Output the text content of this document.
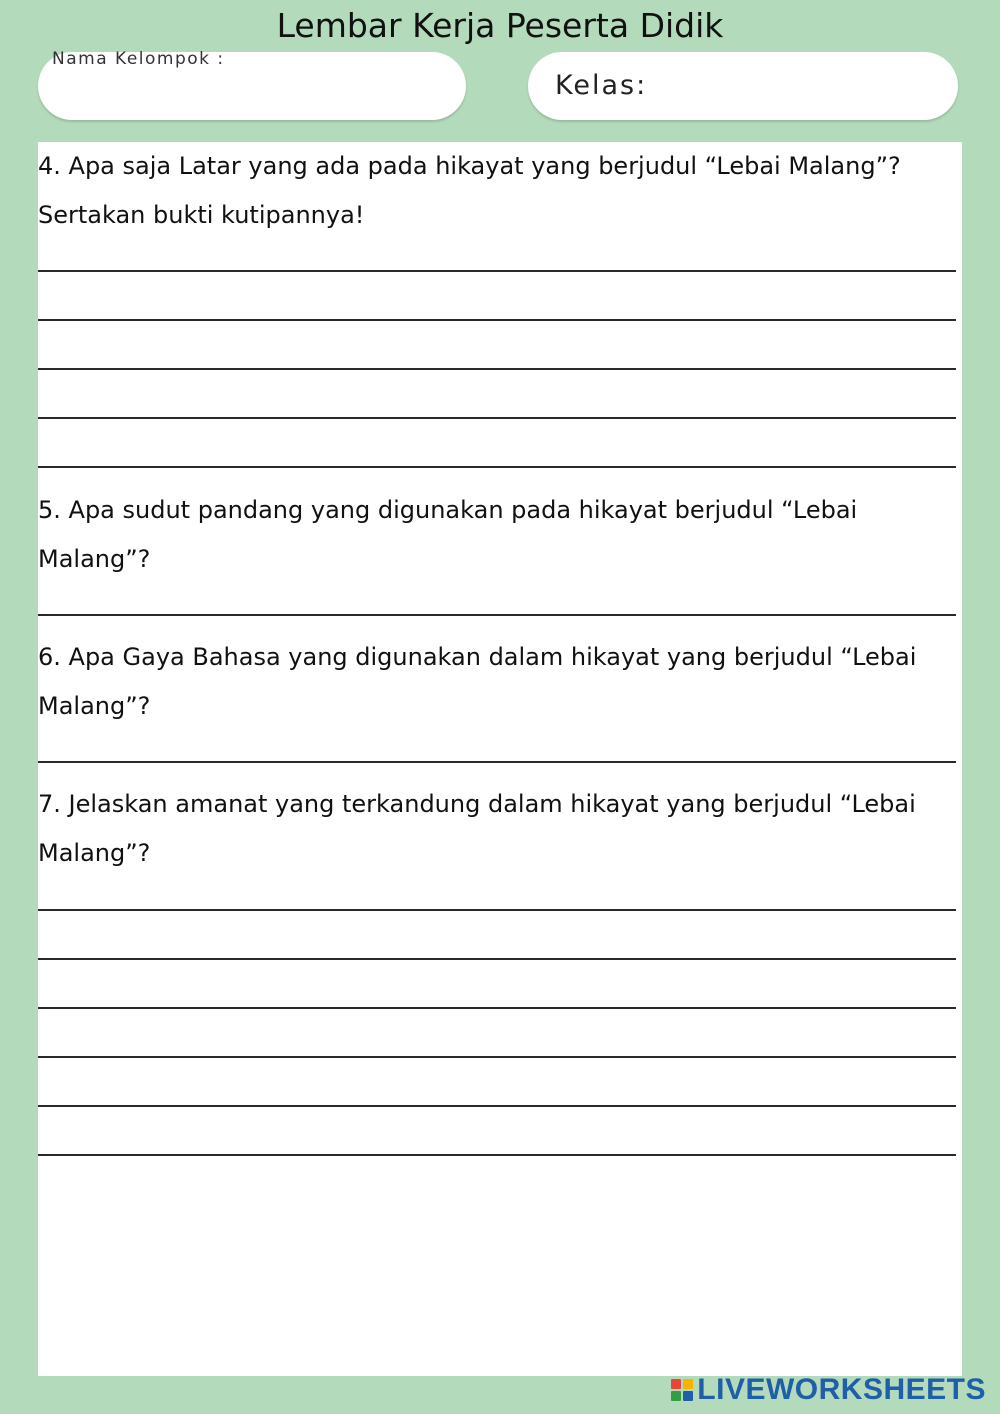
Lembar Kerja Peserta Didik
Nama Kelompok :
Kelas:
4. Apa saja Latar yang ada pada hikayat yang berjudul “Lebai Malang”? Sertakan bukti kutipannya!
5. Apa sudut pandang yang digunakan pada hikayat berjudul “Lebai Malang”?
6. Apa Gaya Bahasa yang digunakan dalam hikayat yang berjudul “Lebai Malang”?
7. Jelaskan amanat yang terkandung dalam hikayat yang berjudul “Lebai Malang”?
LIVEWORKSHEETS
